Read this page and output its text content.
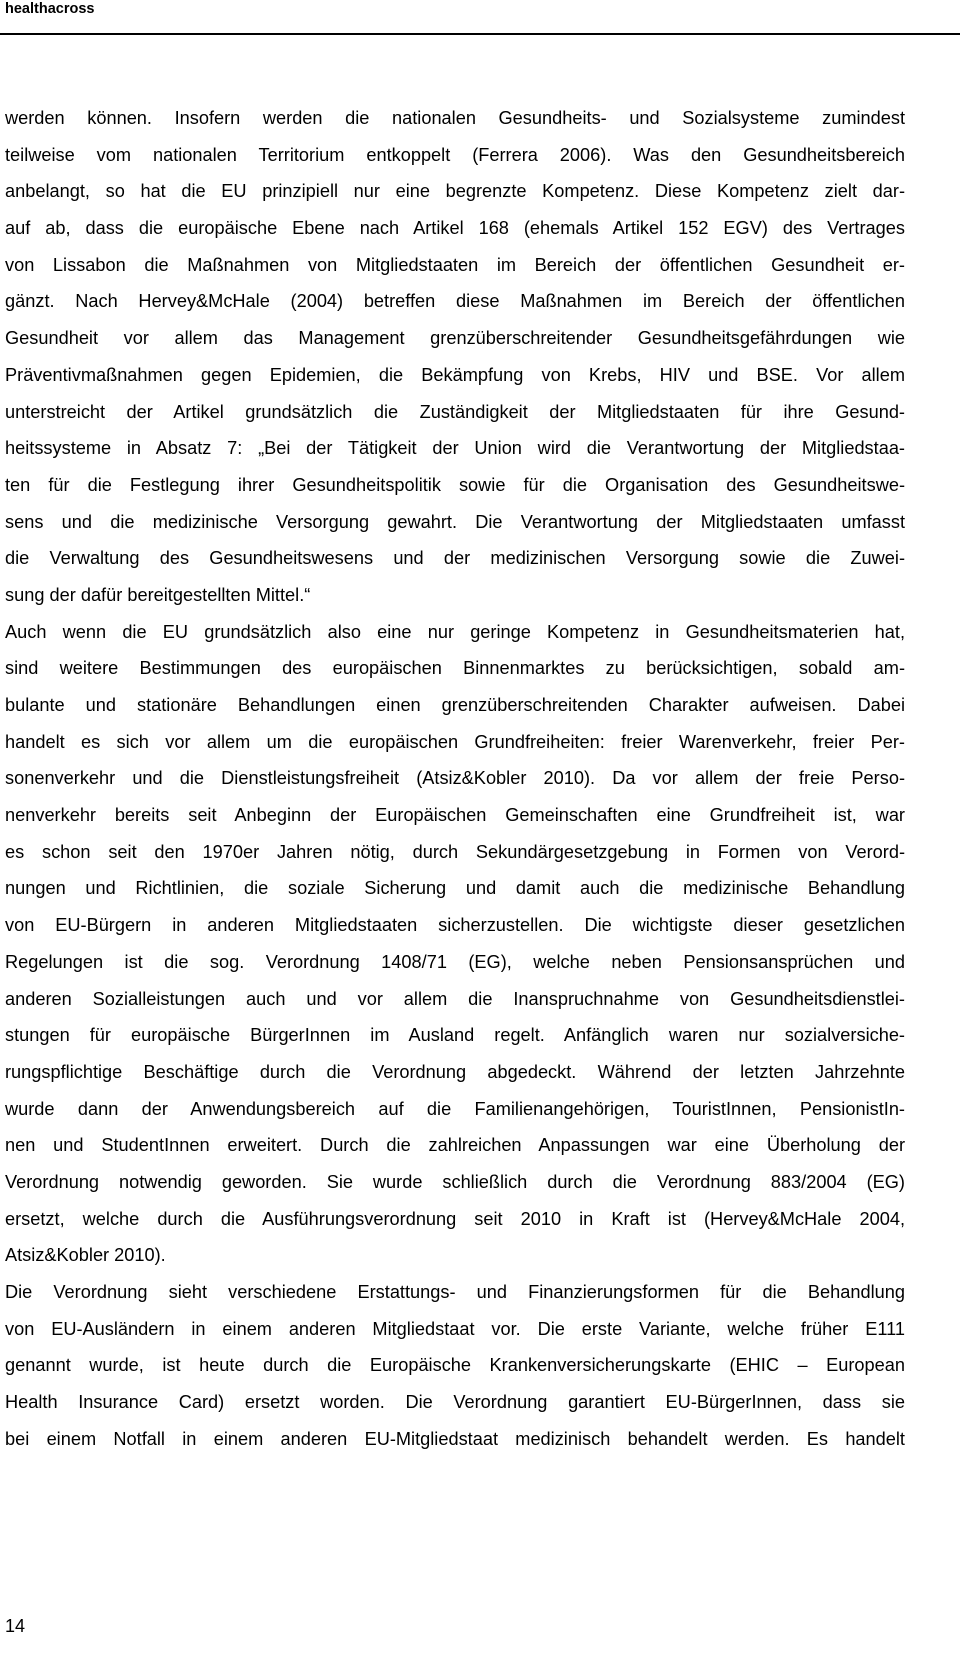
healthacross
werden können. Insofern werden die nationalen Gesundheits- und Sozialsysteme zumindest
teilweise vom nationalen Territorium entkoppelt (Ferrera 2006). Was den Gesundheitsbereich
anbelangt, so hat die EU prinzipiell nur eine begrenzte Kompetenz. Diese Kompetenz zielt dar-
auf ab, dass die europäische Ebene nach Artikel 168 (ehemals Artikel 152 EGV) des Vertrages
von Lissabon die Maßnahmen von Mitgliedstaaten im Bereich der öffentlichen Gesundheit er-
gänzt. Nach Hervey&McHale (2004) betreffen diese Maßnahmen im Bereich der öffentlichen
Gesundheit vor allem das Management grenzüberschreitender Gesundheitsgefährdungen wie
Präventivmaßnahmen gegen Epidemien, die Bekämpfung von Krebs, HIV und BSE. Vor allem
unterstreicht der Artikel grundsätzlich die Zuständigkeit der Mitgliedstaaten für ihre Gesund-
heitssysteme in Absatz 7: „Bei der Tätigkeit der Union wird die Verantwortung der Mitgliedstaa-
ten für die Festlegung ihrer Gesundheitspolitik sowie für die Organisation des Gesundheitswe-
sens und die medizinische Versorgung gewahrt. Die Verantwortung der Mitgliedstaaten umfasst
die Verwaltung des Gesundheitswesens und der medizinischen Versorgung sowie die Zuwei-
sung der dafür bereitgestellten Mittel.“
Auch wenn die EU grundsätzlich also eine nur geringe Kompetenz in Gesundheitsmaterien hat,
sind weitere Bestimmungen des europäischen Binnenmarktes zu berücksichtigen, sobald am-
bulante und stationäre Behandlungen einen grenzüberschreitenden Charakter aufweisen. Dabei
handelt es sich vor allem um die europäischen Grundfreiheiten: freier Warenverkehr, freier Per-
sonenverkehr und die Dienstleistungsfreiheit (Atsiz&Kobler 2010). Da vor allem der freie Perso-
nenverkehr bereits seit Anbeginn der Europäischen Gemeinschaften eine Grundfreiheit ist, war
es schon seit den 1970er Jahren nötig, durch Sekundärgesetzgebung in Formen von Verord-
nungen und Richtlinien, die soziale Sicherung und damit auch die medizinische Behandlung
von EU-Bürgern in anderen Mitgliedstaaten sicherzustellen. Die wichtigste dieser gesetzlichen
Regelungen ist die sog. Verordnung 1408/71 (EG), welche neben Pensionsansprüchen und
anderen Sozialleistungen auch und vor allem die Inanspruchnahme von Gesundheitsdienstlei-
stungen für europäische BürgerInnen im Ausland regelt. Anfänglich waren nur sozialversiche-
rungspflichtige Beschäftige durch die Verordnung abgedeckt. Während der letzten Jahrzehnte
wurde dann der Anwendungsbereich auf die Familienangehörigen, TouristInnen, PensionistIn-
nen und StudentInnen erweitert. Durch die zahlreichen Anpassungen war eine Überholung der
Verordnung notwendig geworden. Sie wurde schließlich durch die Verordnung 883/2004 (EG)
ersetzt, welche durch die Ausführungsverordnung seit 2010 in Kraft ist (Hervey&McHale 2004,
Atsiz&Kobler 2010).
Die Verordnung sieht verschiedene Erstattungs- und Finanzierungsformen für die Behandlung
von EU-Ausländern in einem anderen Mitgliedstaat vor. Die erste Variante, welche früher E111
genannt wurde, ist heute durch die Europäische Krankenversicherungskarte (EHIC – European
Health Insurance Card) ersetzt worden. Die Verordnung garantiert EU-BürgerInnen, dass sie
bei einem Notfall in einem anderen EU-Mitgliedstaat medizinisch behandelt werden. Es handelt
14
